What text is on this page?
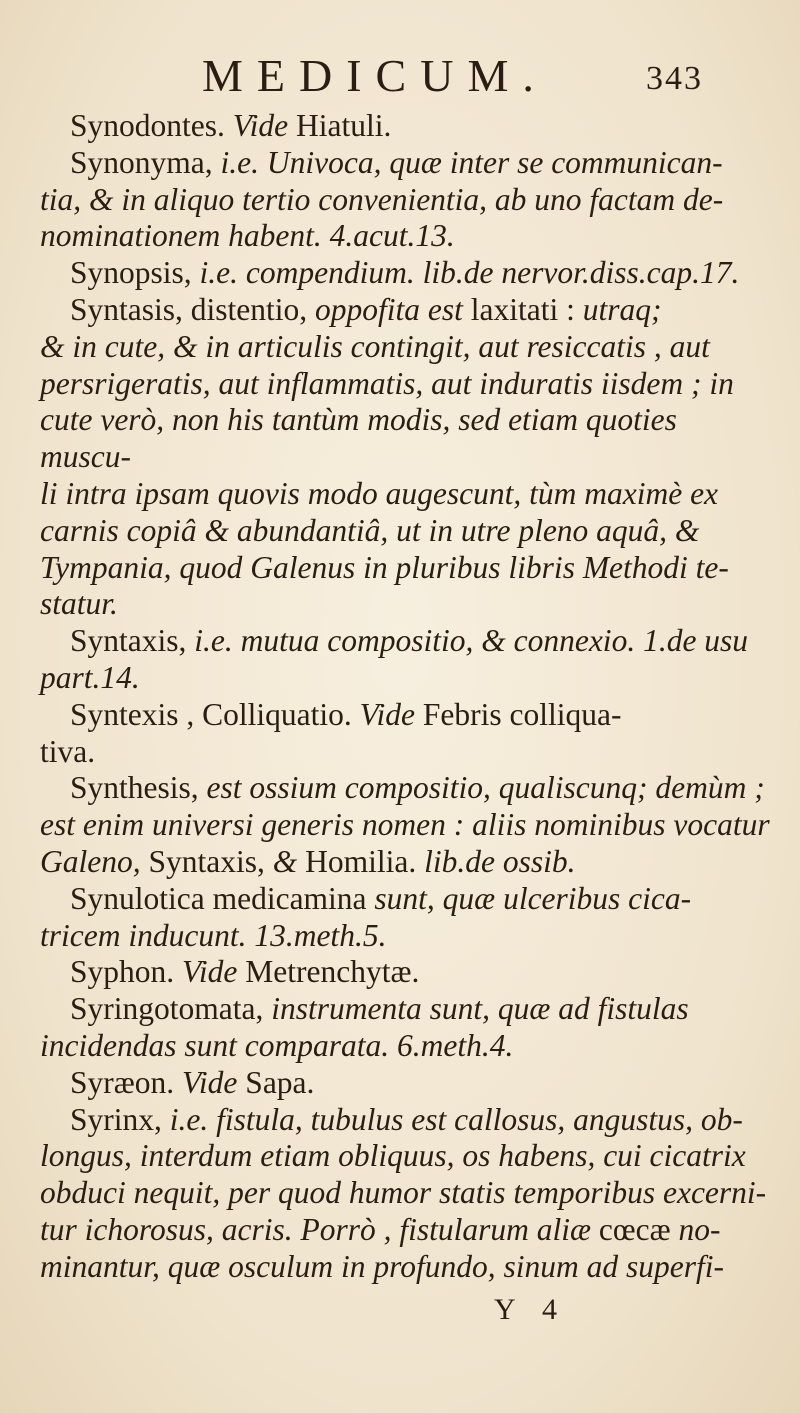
MEDICUM.	343

Synodontes. Vide Hiatuli.

Synonyma, i.e. Univoca, quæ inter se communican-
tia, & in aliquo tertio convenientia, ab uno factam de-
nominationem habent. 4.acut.13.

Synopsis, i.e. compendium. lib.de nervor.diss.cap.17.

Syntasis, distentio, oppofita est laxitati : utraq;
& in cute, & in articulis contingit, aut resiccatis , aut
persrigeratis, aut inflammatis, aut induratis iisdem ; in
cute verò, non his tantùm modis, sed etiam quoties muscu-
li intra ipsam quovis modo augescunt, tùm maximè ex
carnis copiâ & abundantiâ, ut in utre pleno aquâ, &
Tympania, quod Galenus in pluribus libris Methodi te-
statur.

Syntaxis, i.e. mutua compositio, & connexio. 1.de usu
part.14.

Syntexis , Colliquatio. Vide Febris colliqua-
tiva.

Synthesis, est ossium compositio, qualiscunq; demùm ;
est enim universi generis nomen : aliis nominibus vocatur
Galeno, Syntaxis, & Homilia. lib.de ossib.

Synulotica medicamina sunt, quæ ulceribus cica-
tricem inducunt. 13.meth.5.

Syphon. Vide Metrenchytæ.

Syringotomata, instrumenta sunt, quæ ad fistulas
incidendas sunt comparata. 6.meth.4.

Syræon. Vide Sapa.

Syrinx, i.e. fistula, tubulus est callosus, angustus, ob-
longus, interdum etiam obliquus, os habens, cui cicatrix
obduci nequit, per quod humor statis temporibus excerni-
tur ichorosus, acris. Porrò , fistularum aliæ cœcæ no-
minantur, quæ osculum in profundo, sinum ad superfi-

Y 4
